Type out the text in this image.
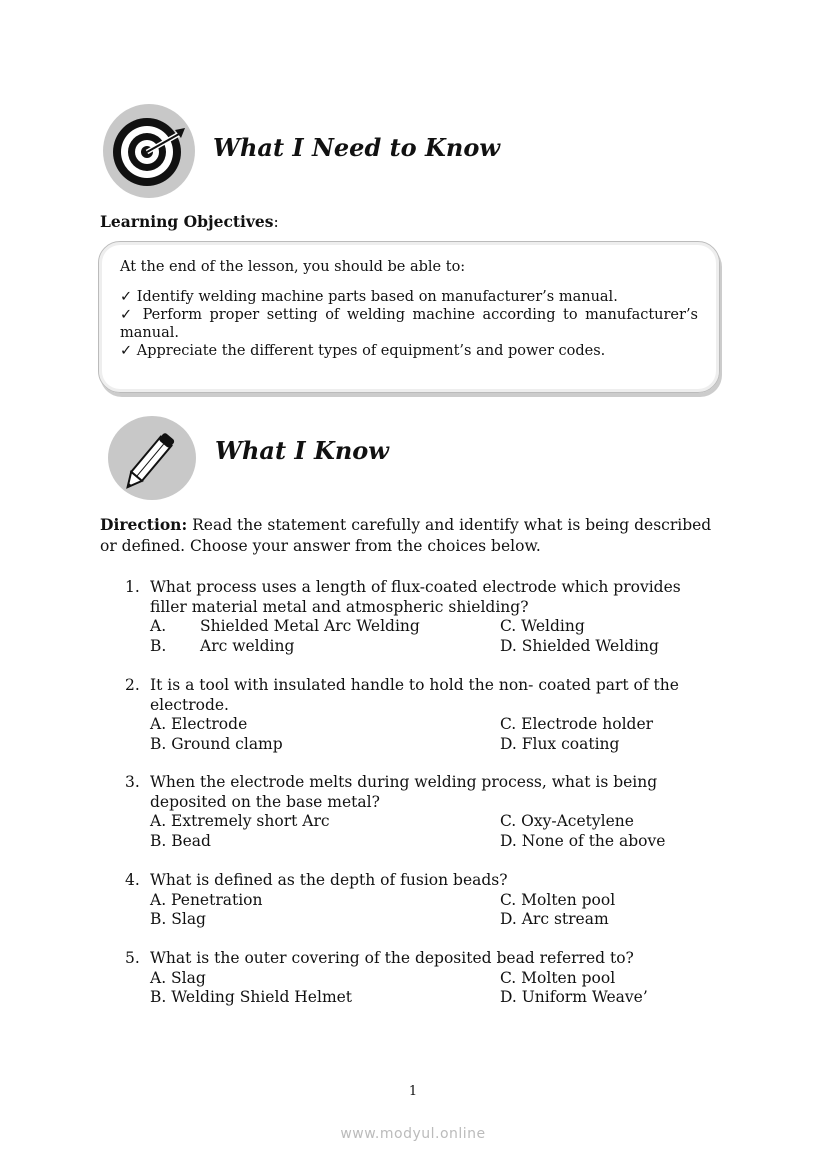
What I Need to Know
Learning Objectives:

At the end of the lesson, you should be able to:

✓ Identify welding machine parts based on manufacturer’s manual.

✓ Perform proper setting of welding machine according to manufacturer’s

manual.

✓ Appreciate the different types of equipment’s and power codes.

What I Know
Direction: Read the statement carefully and identify what is being described or defined. Choose your answer from the choices below.
1. What process uses a length of flux-coated electrode which provides filler material metal and atmospheric shielding?
A. Shielded Metal Arc Welding	C. Welding
B. Arc welding	D. Shielded Welding
2. It is a tool with insulated handle to hold the non- coated part of the electrode.
A. Electrode	C. Electrode holder
B. Ground clamp	D. Flux coating
3. When the electrode melts during welding process, what is being deposited on the base metal?
A. Extremely short Arc	C. Oxy-Acetylene
B. Bead	D. None of the above
4. What is defined as the depth of fusion beads?
A. Penetration	C. Molten pool
B. Slag	D. Arc stream
5. What is the outer covering of the deposited bead referred to?
A. Slag	C. Molten pool
B. Welding Shield Helmet	D. Uniform Weave’
1
www.modyul.online
